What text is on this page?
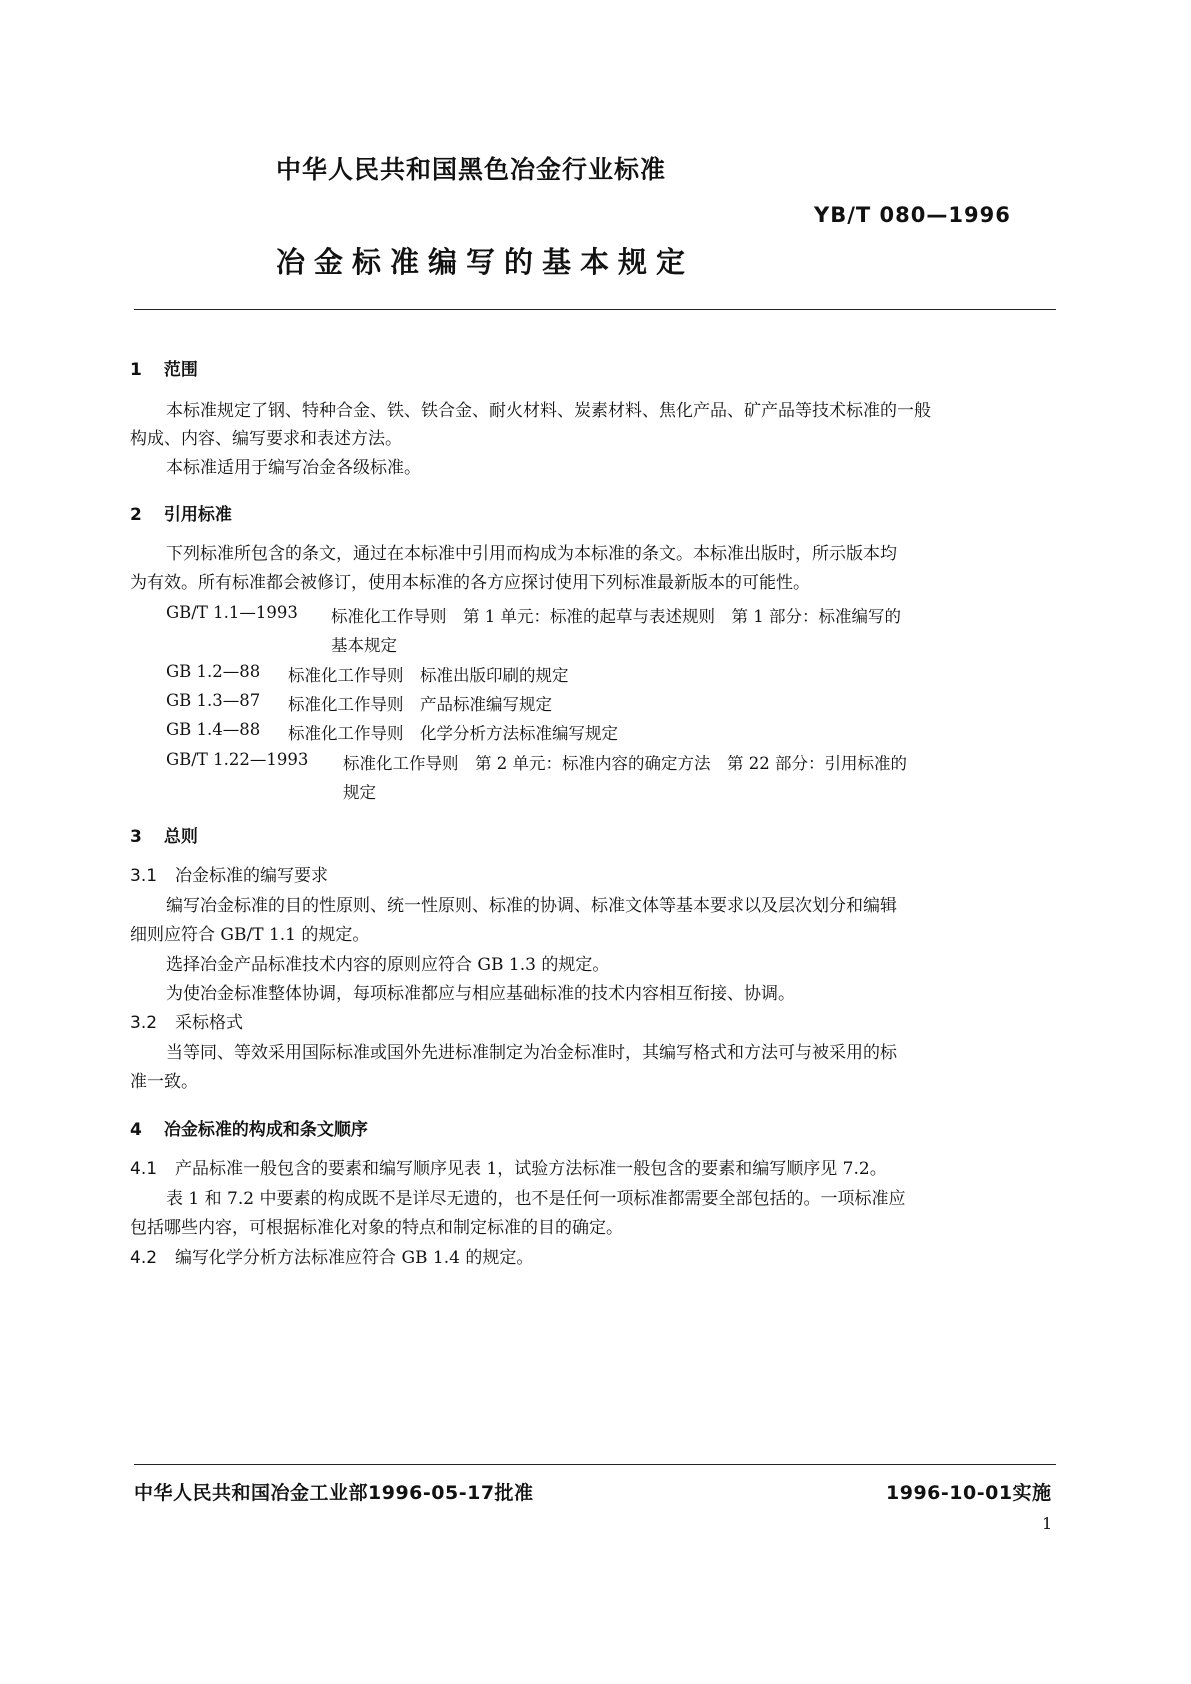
中华人民共和国黑色冶金行业标准
YB/T 080—1996
冶金标准编写的基本规定
1 范围
本标准规定了钢、特种合金、铁、铁合金、耐火材料、炭素材料、焦化产品、矿产品等技术标准的一般
构成、内容、编写要求和表述方法。
本标准适用于编写冶金各级标准。
2 引用标准
下列标准所包含的条文，通过在本标准中引用而构成为本标准的条文。本标准出版时，所示版本均
为有效。所有标准都会被修订，使用本标准的各方应探讨使用下列标准最新版本的可能性。
GB/T 1.1—1993 标准化工作导则　第 1 单元：标准的起草与表述规则　第 1 部分：标准编写的
基本规定
GB 1.2—88 标准化工作导则　标准出版印刷的规定
GB 1.3—87 标准化工作导则　产品标准编写规定
GB 1.4—88 标准化工作导则　化学分析方法标准编写规定
GB/T 1.22—1993 标准化工作导则　第 2 单元：标准内容的确定方法　第 22 部分：引用标准的
规定
3 总则
3.1 冶金标准的编写要求
编写冶金标准的目的性原则、统一性原则、标准的协调、标准文体等基本要求以及层次划分和编辑
细则应符合 GB/T 1.1 的规定。
选择冶金产品标准技术内容的原则应符合 GB 1.3 的规定。
为使冶金标准整体协调，每项标准都应与相应基础标准的技术内容相互衔接、协调。
3.2 采标格式
当等同、等效采用国际标准或国外先进标准制定为冶金标准时，其编写格式和方法可与被采用的标
准一致。
4 冶金标准的构成和条文顺序
4.1 产品标准一般包含的要素和编写顺序见表 1，试验方法标准一般包含的要素和编写顺序见 7.2。
表 1 和 7.2 中要素的构成既不是详尽无遗的，也不是任何一项标准都需要全部包括的。一项标准应
包括哪些内容，可根据标准化对象的特点和制定标准的目的确定。
4.2 编写化学分析方法标准应符合 GB 1.4 的规定。
中华人民共和国冶金工业部1996-05-17批准	1996-10-01实施
1
